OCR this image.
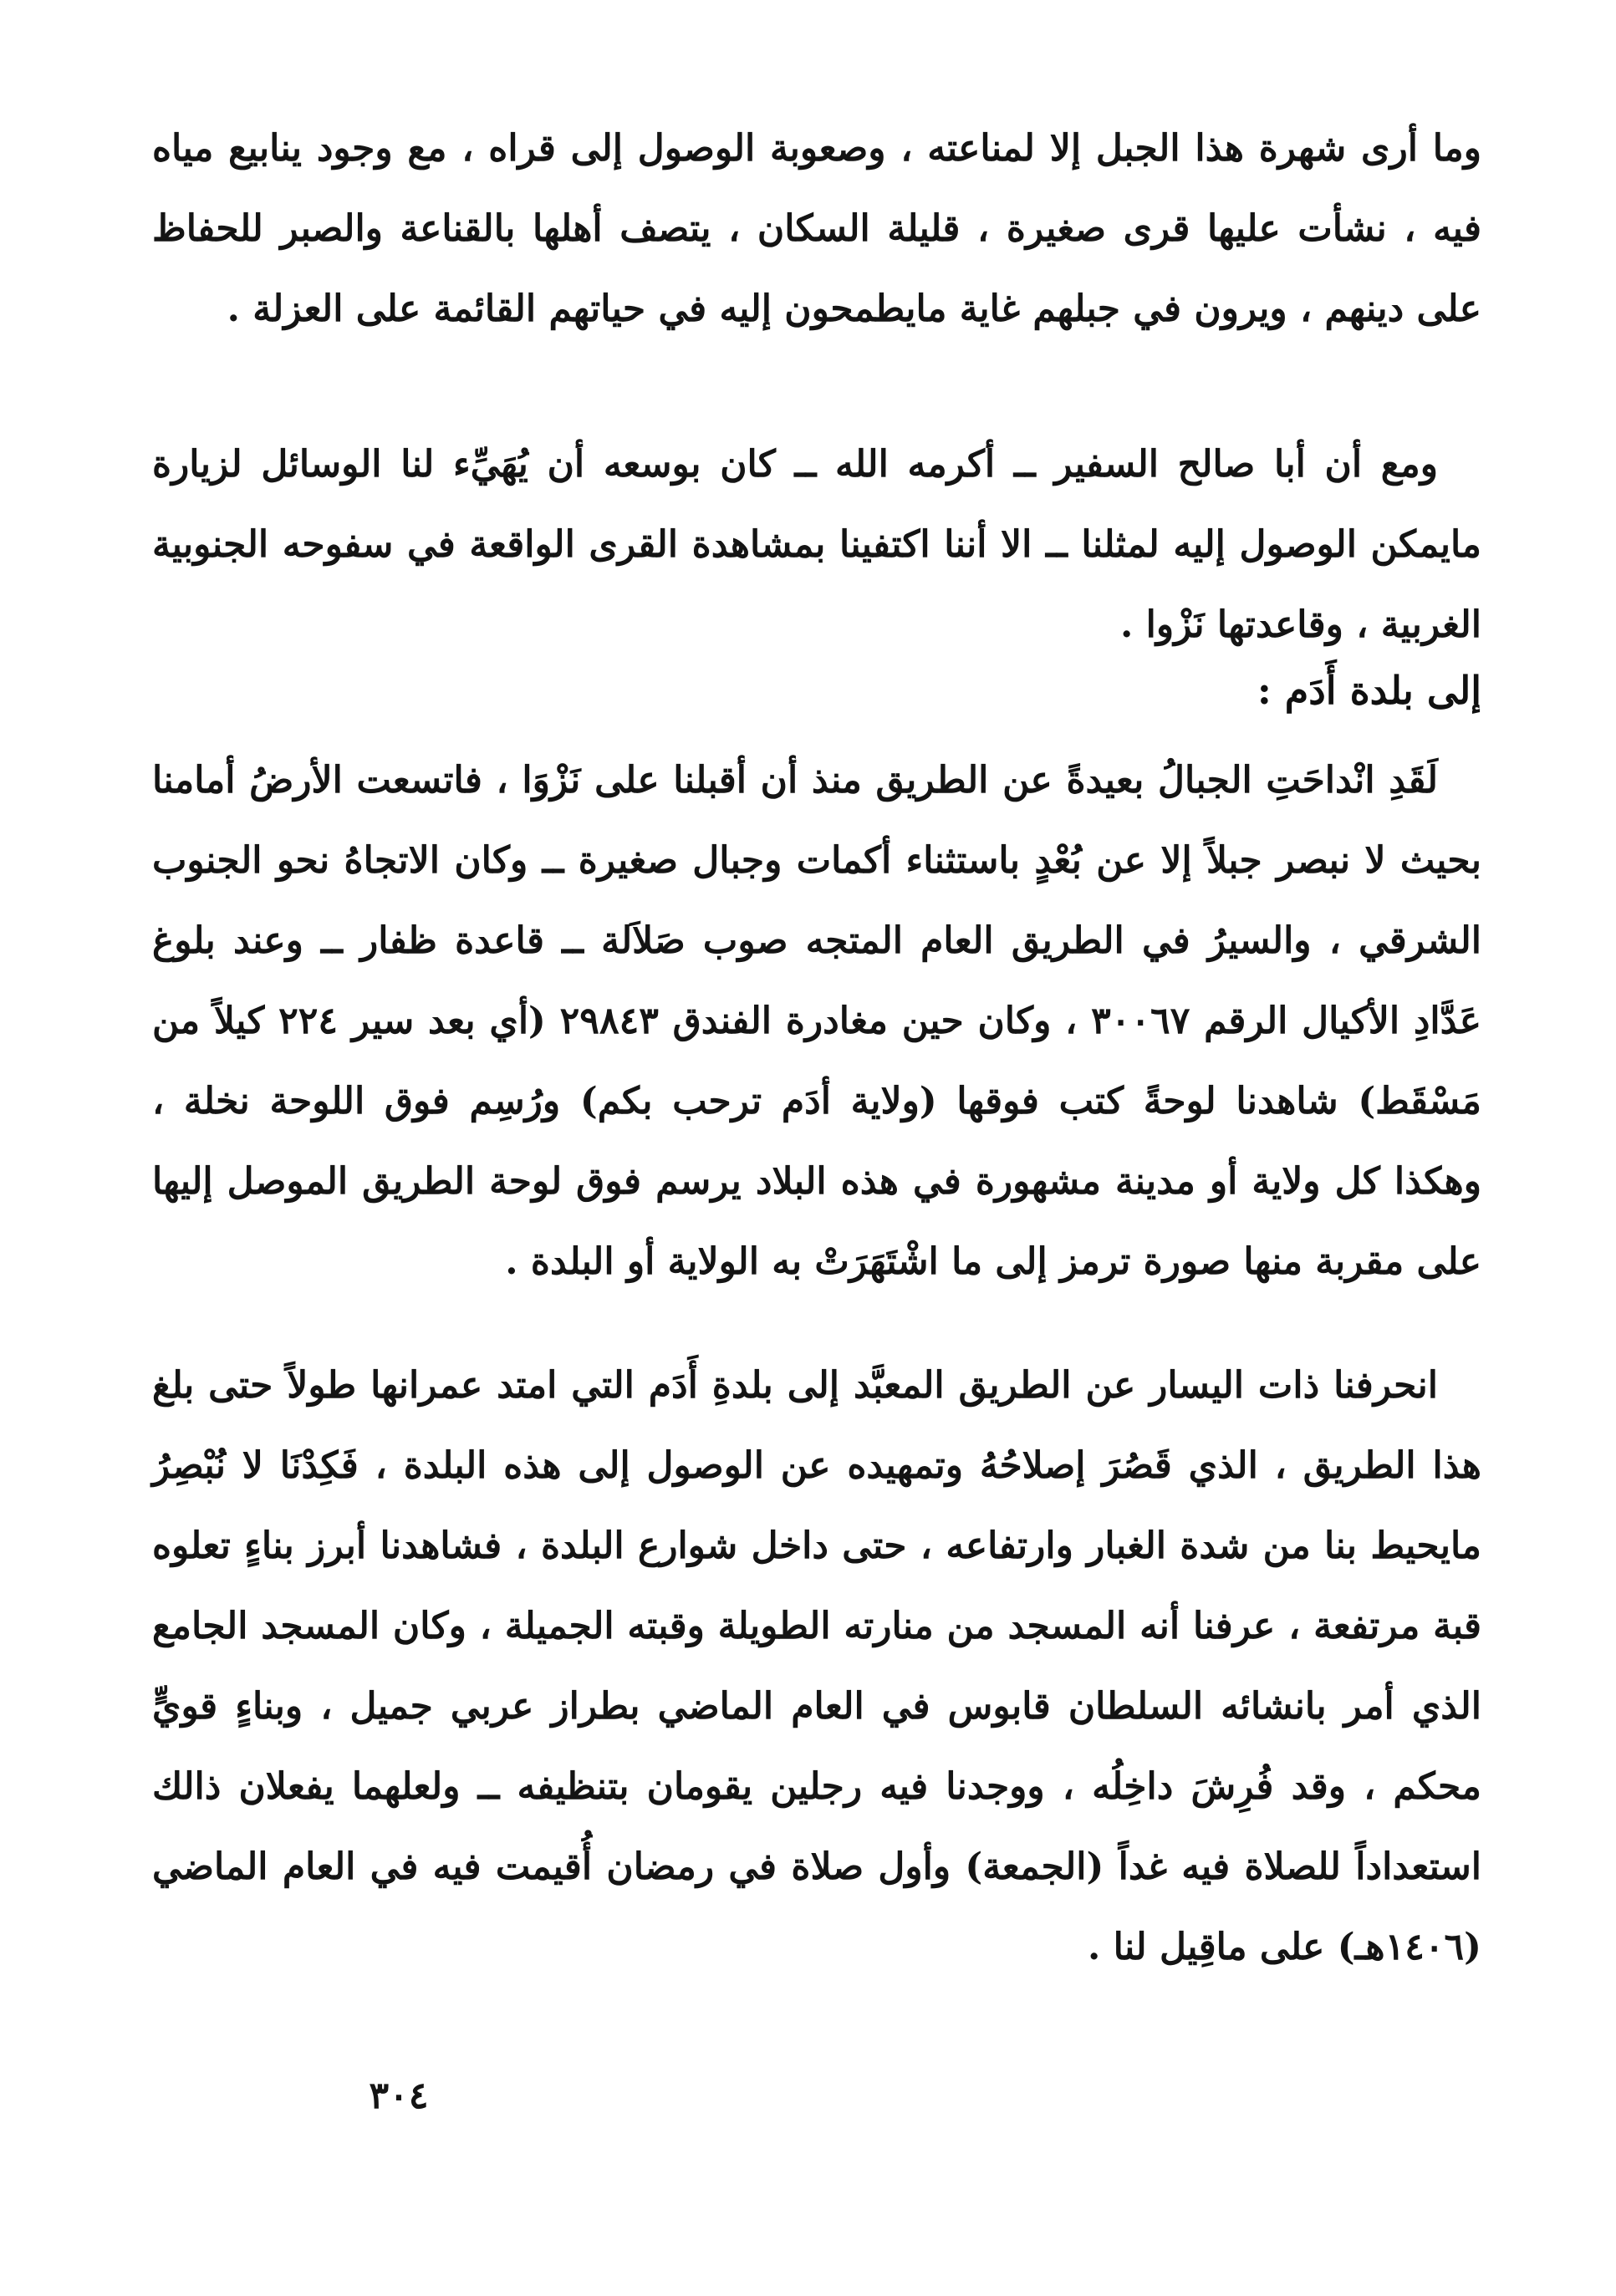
وما أرى شهرة هذا الجبل إلا لمناعته ، وصعوبة الوصول إلى قراه ، مع وجود ينابيع مياه فيه ، نشأت عليها قرى صغيرة ، قليلة السكان ، يتصف أهلها بالقناعة والصبر للحفاظ على دينهم ، ويرون في جبلهم غاية مايطمحون إليه في حياتهم القائمة على العزلة .

ومع أن أبا صالح السفير ــ أكرمه الله ــ كان بوسعه أن يُهَيِّء لنا الوسائل لزيارة مايمكن الوصول إليه لمثلنا ــ الا أننا اكتفينا بمشاهدة القرى الواقعة في سفوحه الجنوبية الغربية ، وقاعدتها نَزْوا .

إلى بلدة أَدَم :

لَقَدِ انْداحَتِ الجبالُ بعيدةً عن الطريق منذ أن أقبلنا على نَزْوَا ، فاتسعت الأرضُ أمامنا بحيث لا نبصر جبلاً إلا عن بُعْدٍ باستثناء أكمات وجبال صغيرة ــ وكان الاتجاهُ نحو الجنوب الشرقي ، والسيرُ في الطريق العام المتجه صوب صَلاَلة ــ قاعدة ظفار ــ وعند بلوغ عَدَّادِ الأكيال الرقم ٣٠٠٦٧ ، وكان حين مغادرة الفندق ٢٩٨٤٣ (أي بعد سير ٢٢٤ كيلاً من مَسْقَط) شاهدنا لوحةً كتب فوقها (ولاية أدَم ترحب بكم) ورُسِم فوق اللوحة نخلة ، وهكذا كل ولاية أو مدينة مشهورة في هذه البلاد يرسم فوق لوحة الطريق الموصل إليها على مقربة منها صورة ترمز إلى ما اشْتَهَرَتْ به الولاية أو البلدة .

انحرفنا ذات اليسار عن الطريق المعبَّد إلى بلدةِ أَدَم التي امتد عمرانها طولاً حتى بلغ هذا الطريق ، الذي قَصُرَ إصلاحُهُ وتمهيده عن الوصول إلى هذه البلدة ، فَكِدْنَا لا نُبْصِرُ مايحيط بنا من شدة الغبار وارتفاعه ، حتى داخل شوارع البلدة ، فشاهدنا أبرز بناءٍ تعلوه قبة مرتفعة ، عرفنا أنه المسجد من منارته الطويلة وقبته الجميلة ، وكان المسجد الجامع الذي أمر بانشائه السلطان قابوس في العام الماضي بطراز عربي جميل ، وبناءٍ قويٍّ محكم ، وقد فُرِشَ داخِلُه ، ووجدنا فيه رجلين يقومان بتنظيفه ــ ولعلهما يفعلان ذالك استعداداً للصلاة فيه غداً (الجمعة) وأول صلاة في رمضان أُقيمت فيه في العام الماضي (١٤٠٦هـ) على ماقِيل لنا .

٣٠٤
